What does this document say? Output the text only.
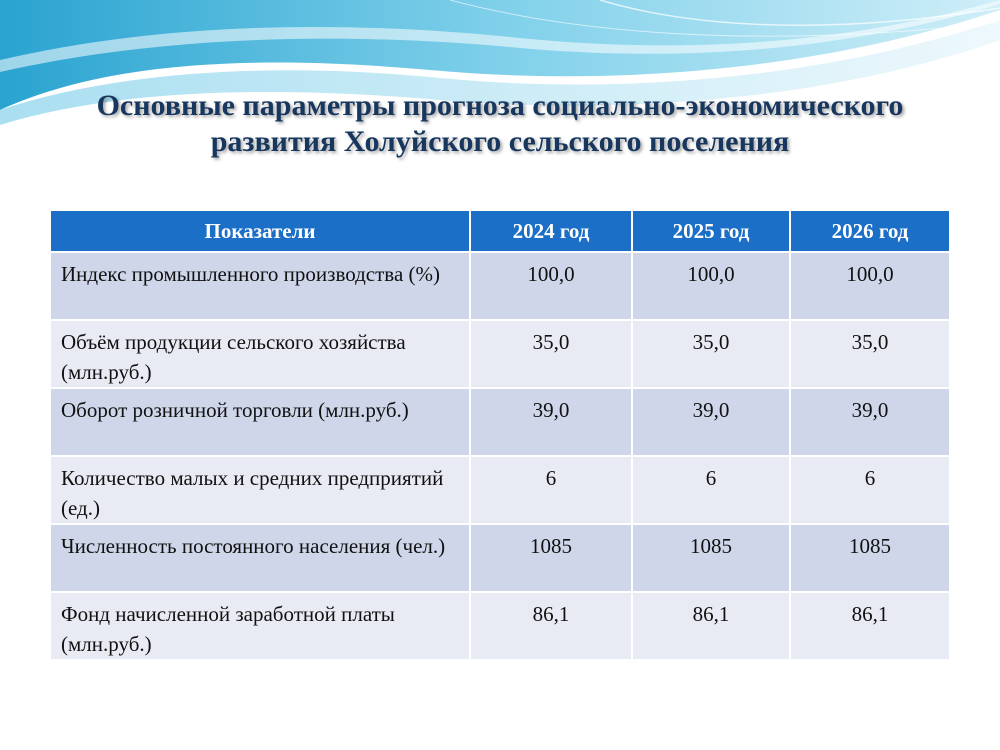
Основные параметры прогноза социально-экономического
развития Холуйского сельского поселения
Показатели	2024 год	2025 год	2026 год
Индекс промышленного производства (%)	100,0	100,0	100,0
Объём продукции сельского хозяйства (млн.руб.)	35,0	35,0	35,0
Оборот розничной торговли (млн.руб.)	39,0	39,0	39,0
Количество малых и средних предприятий (ед.)	6	6	6
Численность постоянного населения (чел.)	1085	1085	1085
Фонд начисленной заработной платы (млн.руб.)	86,1	86,1	86,1
